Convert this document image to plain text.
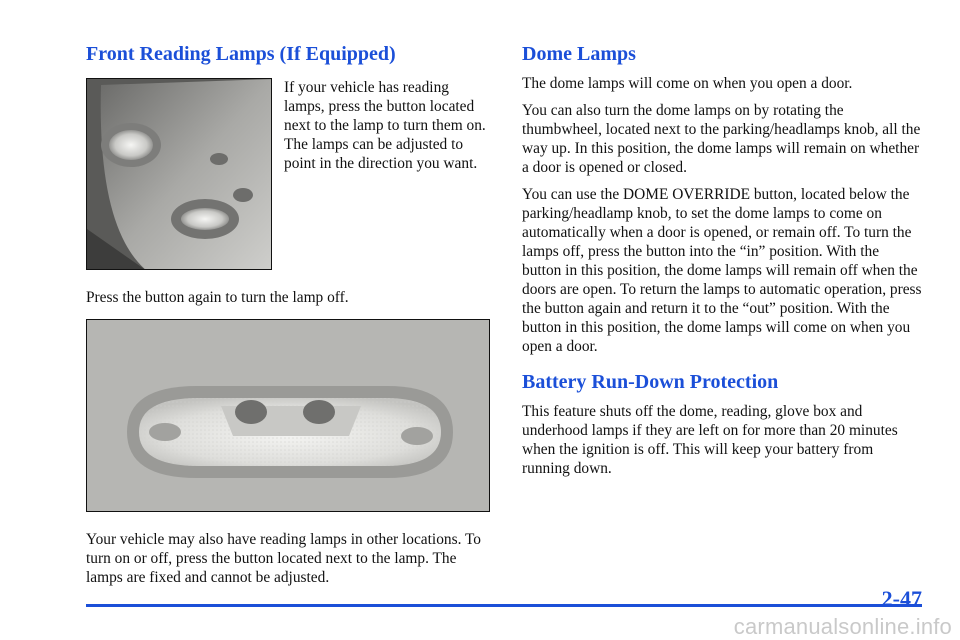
Front Reading Lamps (If Equipped)

If your vehicle has reading lamps, press the button located next to the lamp to turn them on. The lamps can be adjusted to point in the direction you want.

Press the button again to turn the lamp off.

Your vehicle may also have reading lamps in other locations. To turn on or off, press the button located next to the lamp. The lamps are fixed and cannot be adjusted.

Dome Lamps

The dome lamps will come on when you open a door.

You can also turn the dome lamps on by rotating the thumbwheel, located next to the parking/headlamps knob, all the way up. In this position, the dome lamps will remain on whether a door is opened or closed.

You can use the DOME OVERRIDE button, located below the parking/headlamp knob, to set the dome lamps to come on automatically when a door is opened, or remain off. To turn the lamps off, press the button into the “in” position. With the button in this position, the dome lamps will remain off when the doors are open. To return the lamps to automatic operation, press the button again and return it to the “out” position. With the button in this position, the dome lamps will come on when you open a door.

Battery Run-Down Protection

This feature shuts off the dome, reading, glove box and underhood lamps if they are left on for more than 20 minutes when the ignition is off. This will keep your battery from running down.

2-47
carmanualsonline.info
